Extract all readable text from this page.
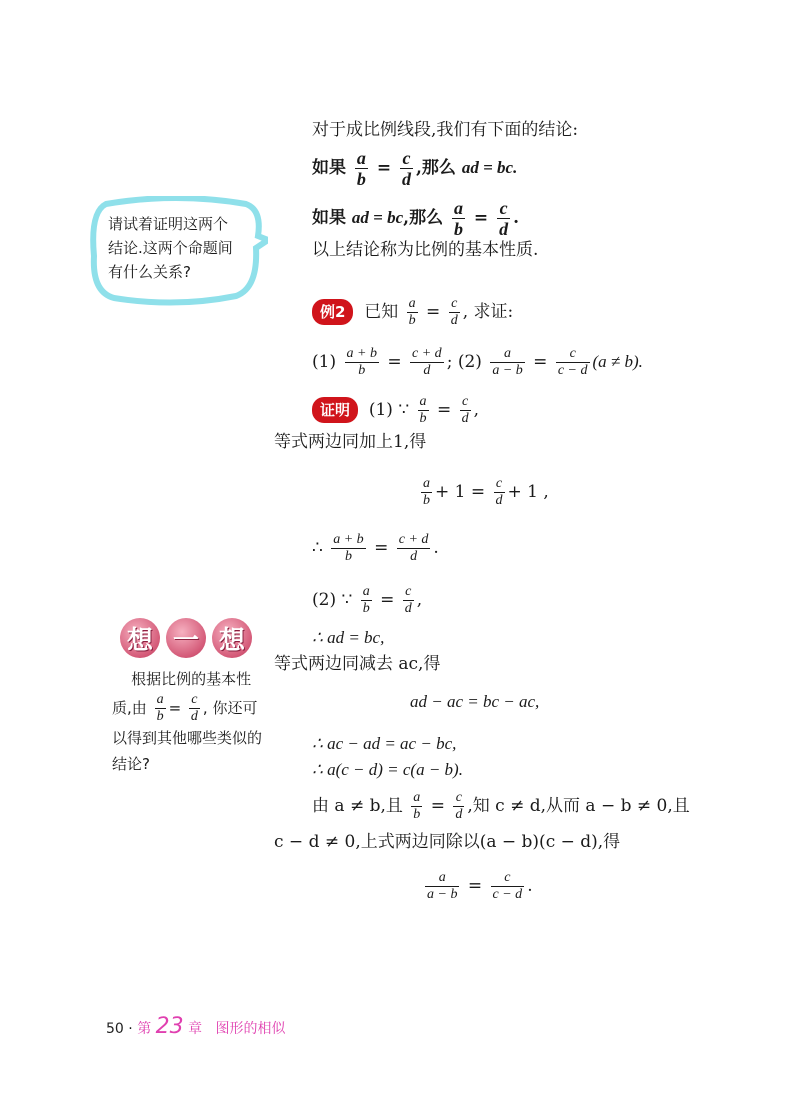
对于成比例线段,我们有下面的结论:
如果 $\frac{a}{b} = \frac{c}{d}$ ,那么 ad = bc.
如果 ad = bc,那么 $\frac{a}{b} = \frac{c}{d}$ .
以上结论称为比例的基本性质.
请试着证明这两个结论.这两个命题间有什么关系?
例2 已知 $\frac{a}{b} = \frac{c}{d}$ , 求证:
$(1) \frac{a + b}{b} = \frac{c + d}{d}$ ; $(2) \frac{a}{a - b} = \frac{c}{c - d} (a \ne b)$.
证明 (1) ∵ $\frac{a}{b} = \frac{c}{d}$ ,
等式两边同加上1,得
$\frac{a}{b} + 1 = \frac{c}{d} + 1$ ,
∴ $\frac{a + b}{b} = \frac{c + d}{d}$ .
(2) ∵ $\frac{a}{b} = \frac{c}{d}$ ,
∴ ad = bc,
等式两边同减去 ac,得
ad − ac = bc − ac,
∴ ac − ad = ac − bc,
∴ a(c − d) = c(a − b).
由 a ≠ b,且 $\frac{a}{b} = \frac{c}{d}$ ,知 c ≠ d,从而 a − b ≠ 0,且
c − d ≠ 0,上式两边同除以(a − b)(c − d),得
$\frac{a}{a - b} = \frac{c}{c - d}$ .
想 一 想
根据比例的基本性质,由 $\frac{a}{b} = \frac{c}{d}$ , 你还可以得到其他哪些类似的结论?
50 · 第 23 章 图形的相似
